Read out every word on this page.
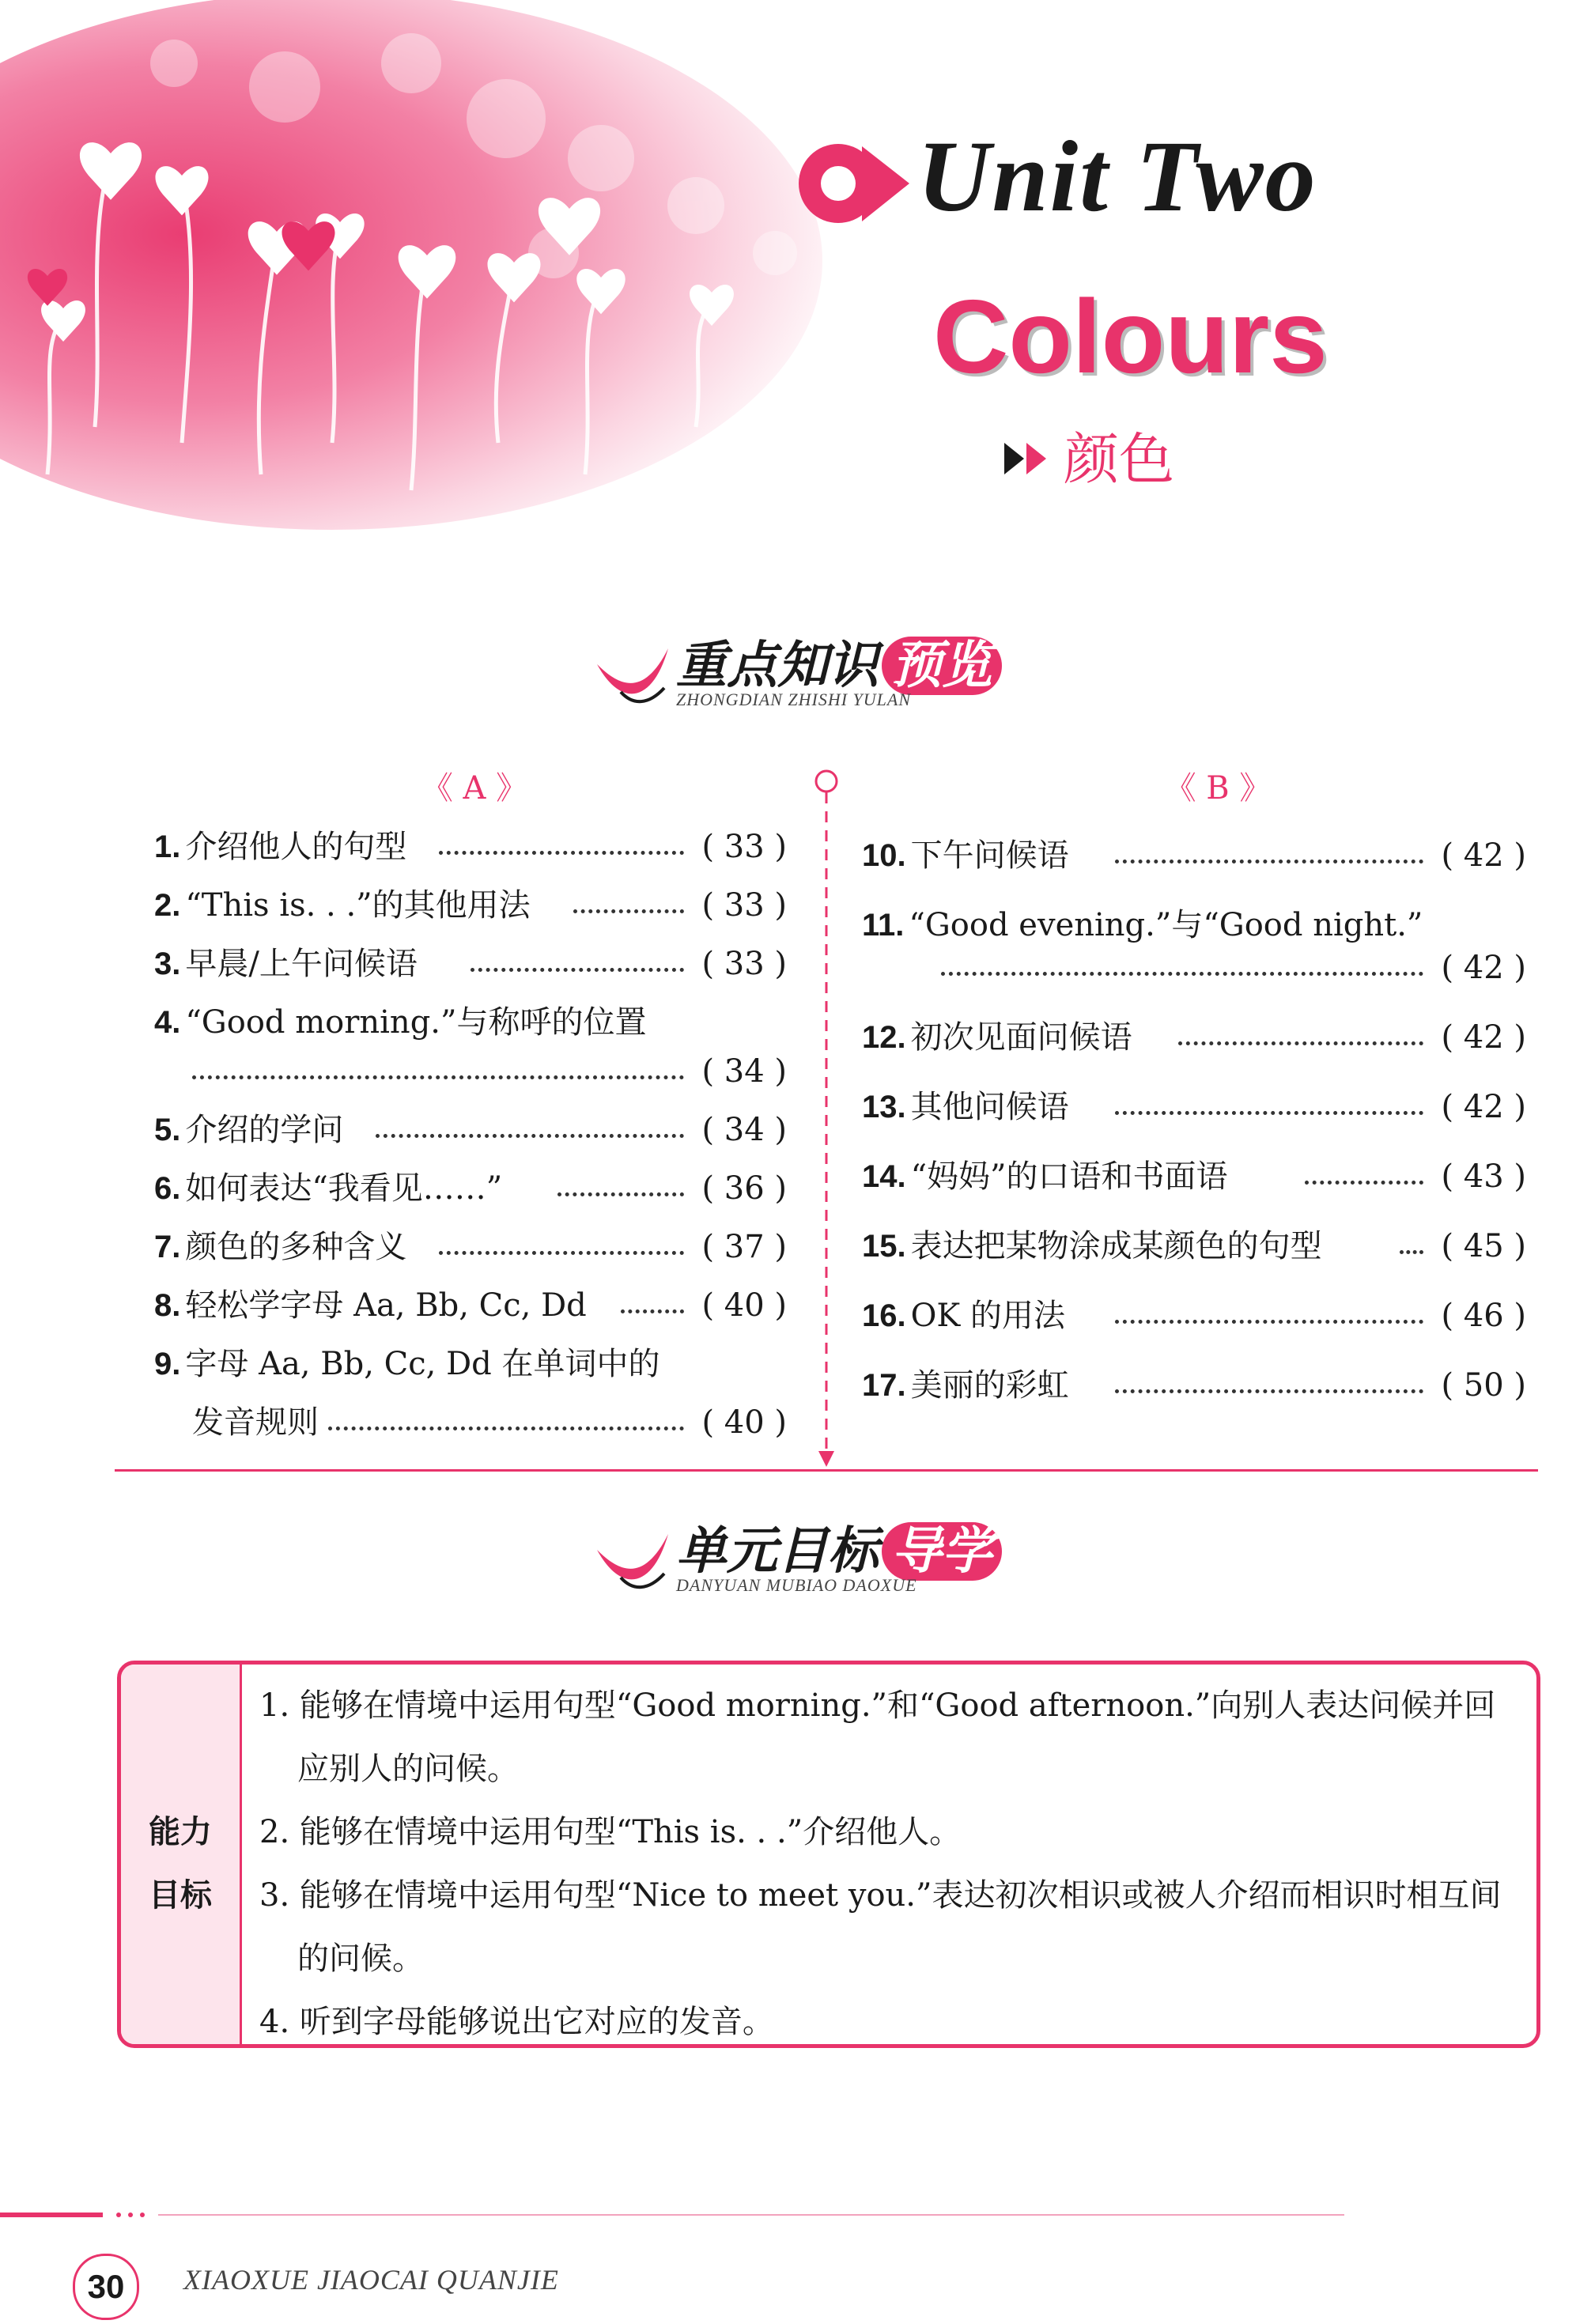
Unit Two
Colours
颜色
重点知识 预览
ZHONGDIAN ZHISHI YULAN
《 A 》	《 B 》
1. 介绍他人的句型	( 33 )
2. “This is. . .”的其他用法	( 33 )
3. 早晨/上午问候语	( 33 )
4. “Good morning.”与称呼的位置
( 34 )
5. 介绍的学问	( 34 )
6. 如何表达“我看见……”	( 36 )
7. 颜色的多种含义	( 37 )
8. 轻松学字母 Aa, Bb, Cc, Dd	( 40 )
9. 字母 Aa, Bb, Cc, Dd 在单词中的
发音规则	( 40 )
10. 下午问候语	( 42 )
11. “Good evening.”与“Good night.”
( 42 )
12. 初次见面问候语	( 42 )
13. 其他问候语	( 42 )
14. “妈妈”的口语和书面语	( 43 )
15. 表达把某物涂成某颜色的句型	( 45 )
16. OK 的用法	( 46 )
17. 美丽的彩虹	( 50 )
单元目标 导学
DANYUAN MUBIAO DAOXUE
能力
目标
1. 能够在情境中运用句型“Good morning.”和“Good afternoon.”向别人表达问候并回应别人的问候。
2. 能够在情境中运用句型“This is. . .”介绍他人。
3. 能够在情境中运用句型“Nice to meet you.”表达初次相识或被人介绍而相识时相互间的问候。
4. 听到字母能够说出它对应的发音。
30	XIAOXUE JIAOCAI QUANJIE
